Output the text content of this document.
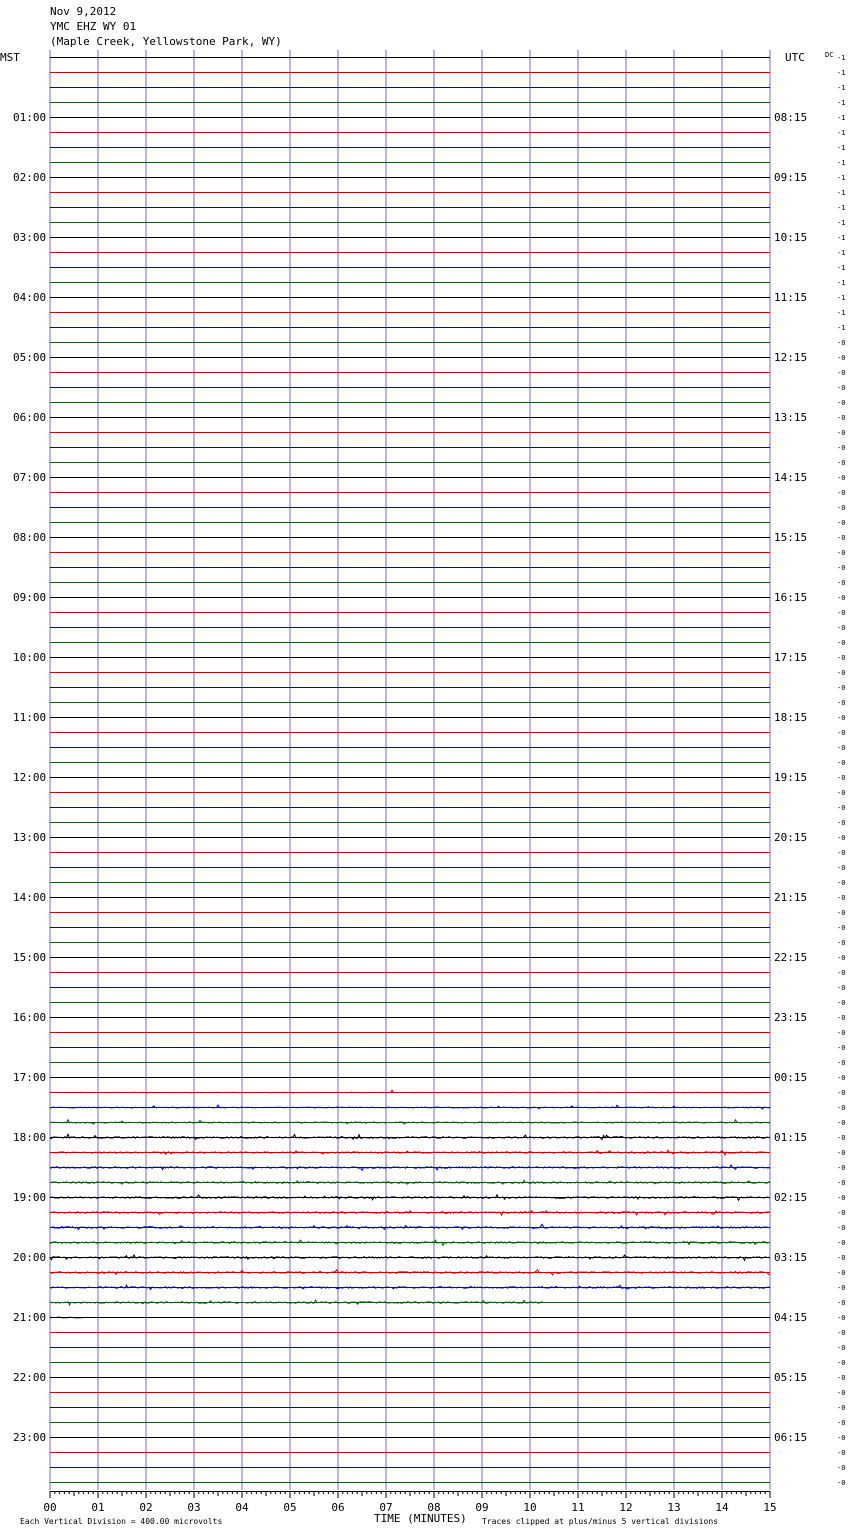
Nov 9,2012
YMC EHZ WY 01
(Maple Creek, Yellowstone Park, WY)
01:00
02:00
03:00
04:00
05:00
06:00
07:00
08:00
09:00
10:00
11:00
12:00
13:00
14:00
15:00
16:00
17:00
18:00
19:00
20:00
21:00
22:00
23:00
08:15
09:15
10:15
11:15
12:15
13:15
14:15
15:15
16:15
17:15
18:15
19:15
20:15
21:15
22:15
23:15
00:15
01:15
02:15
03:15
04:15
05:15
06:15
-1
-1
-1
-1
-1
-1
-1
-1
-1
-1
-1
-1
-1
-1
-1
-1
-1
-1
-1
-0
-0
-0
-0
-0
-0
-0
-0
-0
-0
-0
-0
-0
-0
-0
-0
-0
-0
-0
-0
-0
-0
-0
-0
-0
-0
-0
-0
-0
-0
-0
-0
-0
-0
-0
-0
-0
-0
-0
-0
-0
-0
-0
-0
-0
-0
-0
-0
-0
-0
-0
-0
-0
-0
-0
-0
-0
-0
-0
-0
-0
-0
-0
-0
-0
-0
-0
-0
-0
-0
-0
-0
-0
-0
-0
-0
-0
00	01	02	03	04	05	06	07	08	09	10	11	12	13	14	15
MST	UTC	DC
TIME (MINUTES)
Each Vertical Division = 400.00 microvolts	Traces clipped at plus/minus 5 vertical divisions
